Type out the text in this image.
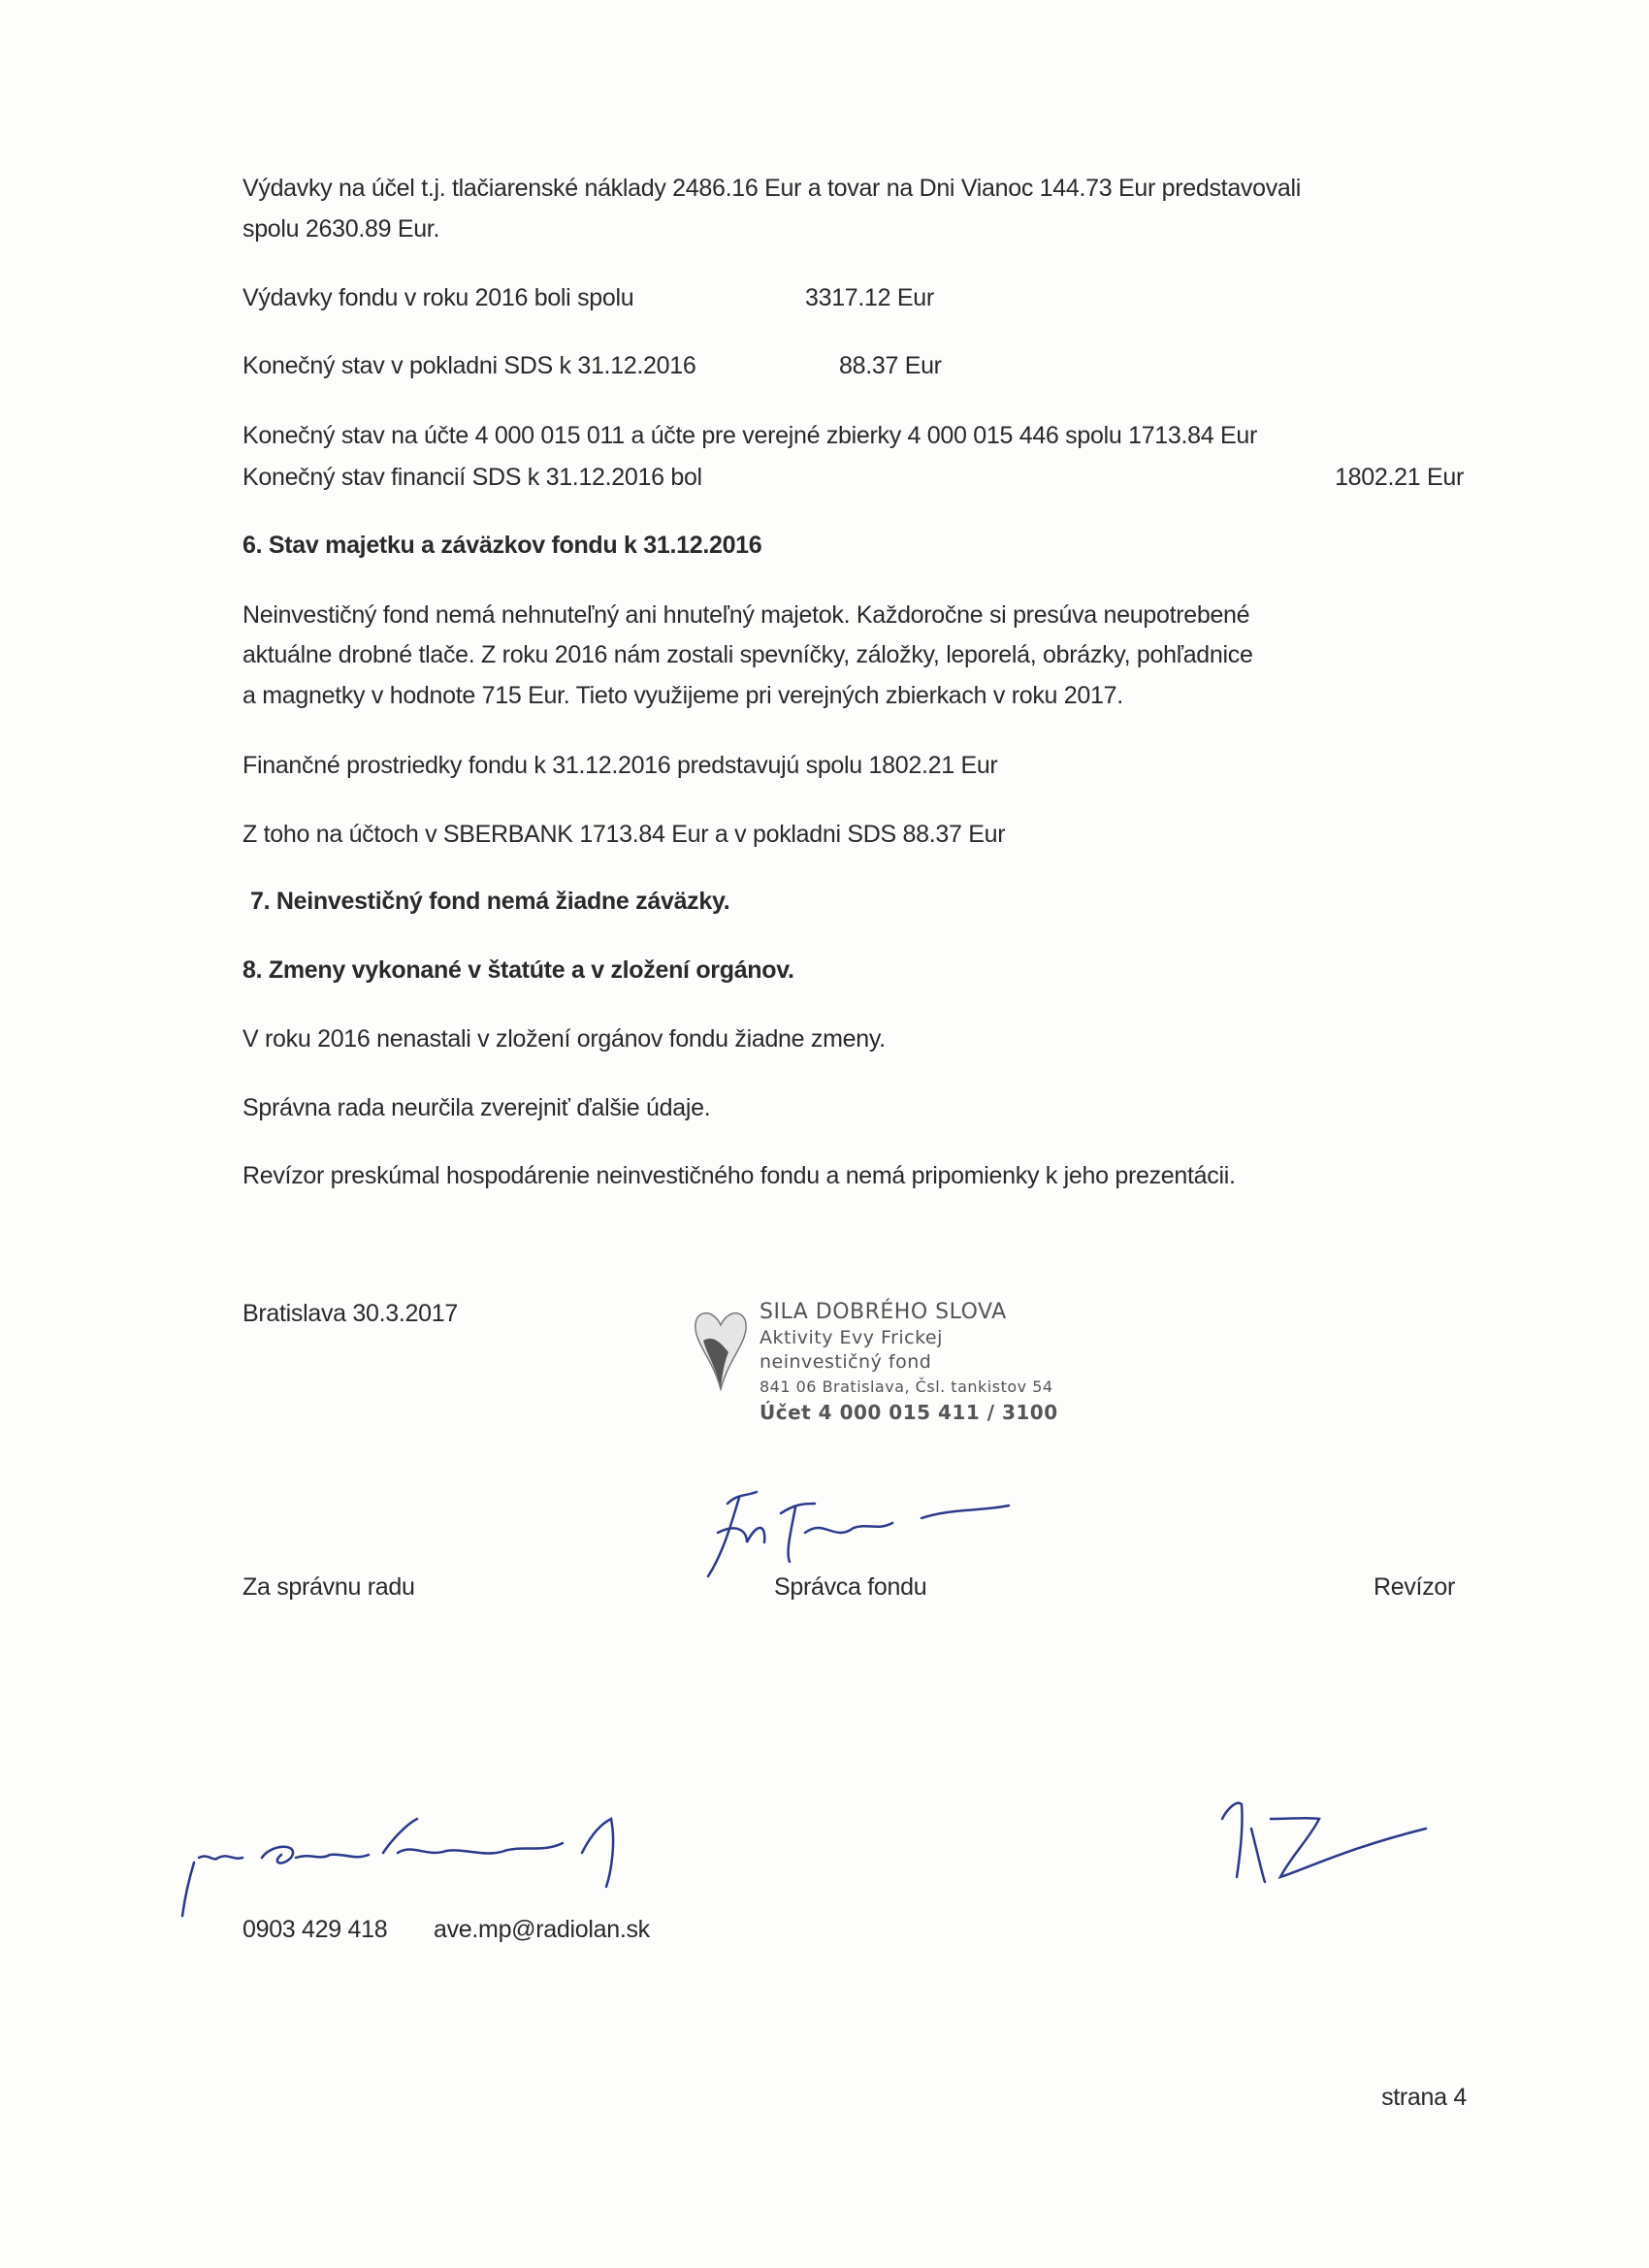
Výdavky na účel t.j. tlačiarenské náklady 2486.16 Eur a tovar na Dni Vianoc 144.73 Eur predstavovali
spolu 2630.89 Eur.
Výdavky fondu v roku 2016 boli spolu	3317.12 Eur
Konečný stav v pokladni SDS k 31.12.2016	88.37 Eur
Konečný stav na účte 4 000 015 011 a účte pre verejné zbierky 4 000 015 446 spolu 1713.84 Eur
Konečný stav financií SDS k 31.12.2016 bol	1802.21 Eur
6. Stav majetku a záväzkov fondu k 31.12.2016
Neinvestičný fond nemá nehnuteľný ani hnuteľný majetok. Každoročne si presúva neupotrebené
aktuálne drobné tlače. Z roku 2016 nám zostali spevníčky, záložky, leporelá, obrázky, pohľadnice
a magnetky v hodnote 715 Eur. Tieto využijeme pri verejných zbierkach v roku 2017.
Finančné prostriedky fondu k 31.12.2016 predstavujú spolu 1802.21 Eur
Z toho na účtoch v SBERBANK 1713.84 Eur a v pokladni SDS 88.37 Eur
7. Neinvestičný fond nemá žiadne záväzky.
8. Zmeny vykonané v štatúte a v zložení orgánov.
V roku 2016 nenastali v zložení orgánov fondu žiadne zmeny.
Správna rada neurčila zverejniť ďalšie údaje.
Revízor preskúmal hospodárenie neinvestičného fondu a nemá pripomienky k jeho prezentácii.
Bratislava 30.3.2017	SILA DOBRÉHO SLOVA
Aktivity Evy Frickej
neinvestičný fond
841 06 Bratislava, Čsl. tankistov 54
Účet 4 000 015 411 / 3100
Za správnu radu	Správca fondu	Revízor
0903 429 418 ave.mp@radiolan.sk
strana 4
